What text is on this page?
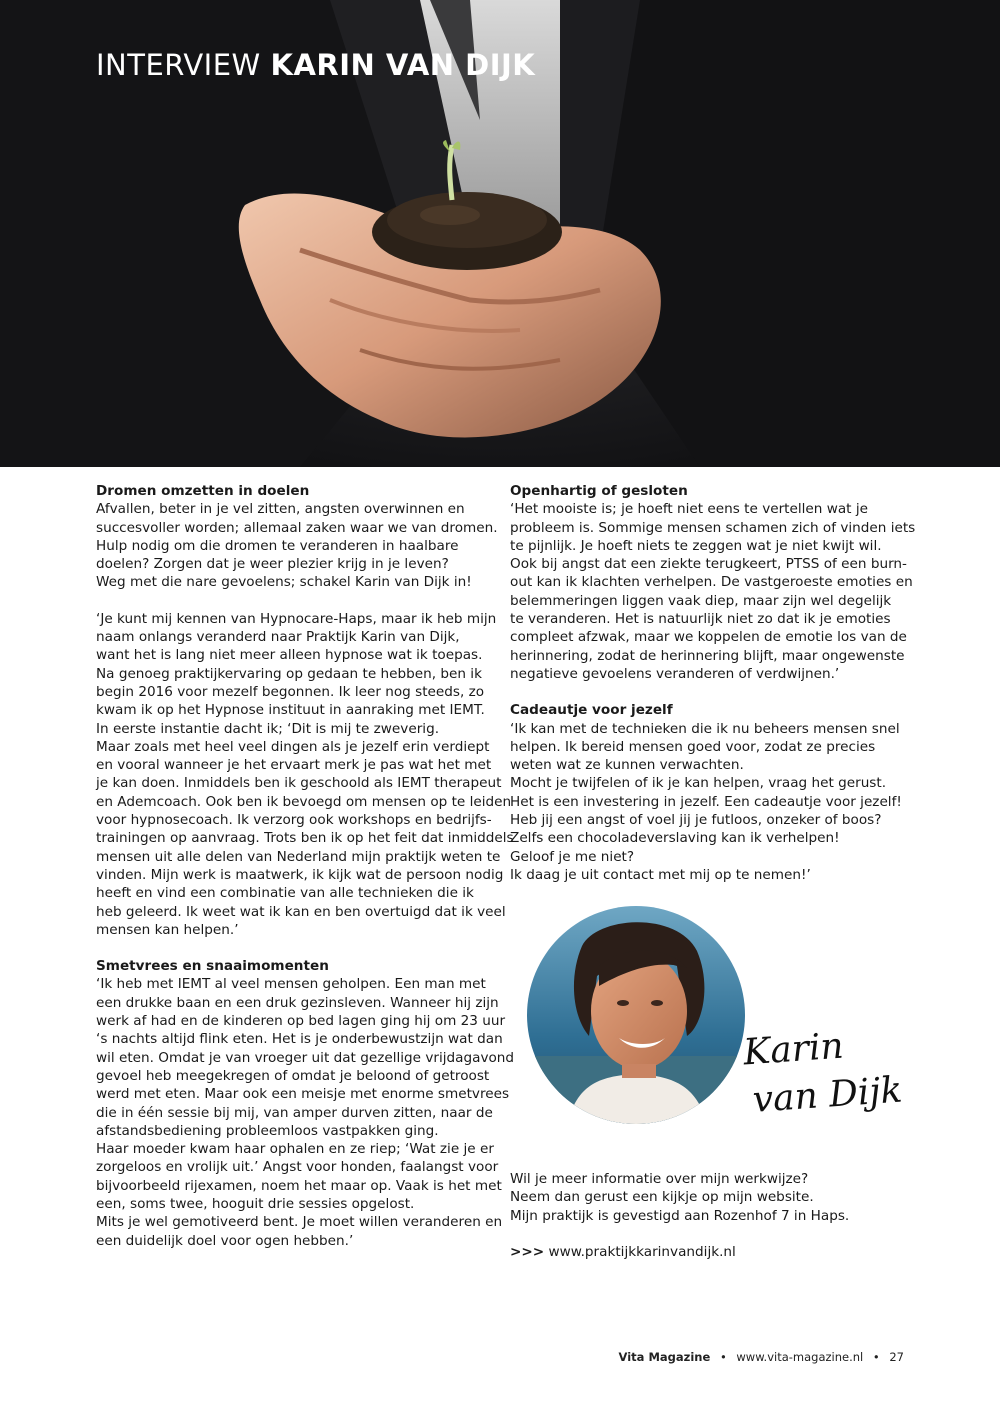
INTERVIEW KARIN VAN DIJK
Dromen omzetten in doelen
Afvallen, beter in je vel zitten, angsten overwinnen en
succesvoller worden; allemaal zaken waar we van dromen.
Hulp nodig om die dromen te veranderen in haalbare
doelen? Zorgen dat je weer plezier krijg in je leven?
Weg met die nare gevoelens; schakel Karin van Dijk in!
‘Je kunt mij kennen van Hypnocare-Haps, maar ik heb mijn
naam onlangs veranderd naar Praktijk Karin van Dijk,
want het is lang niet meer alleen hypnose wat ik toepas.
Na genoeg praktijkervaring op gedaan te hebben, ben ik
begin 2016 voor mezelf begonnen. Ik leer nog steeds, zo
kwam ik op het Hypnose instituut in aanraking met IEMT.
In eerste instantie dacht ik; ‘Dit is mij te zweverig.
Maar zoals met heel veel dingen als je jezelf erin verdiept
en vooral wanneer je het ervaart merk je pas wat het met
je kan doen. Inmiddels ben ik geschoold als IEMT therapeut
en Ademcoach. Ook ben ik bevoegd om mensen op te leiden
voor hypnosecoach. Ik verzorg ook workshops en bedrijfs-
trainingen op aanvraag. Trots ben ik op het feit dat inmiddels
mensen uit alle delen van Nederland mijn praktijk weten te
vinden. Mijn werk is maatwerk, ik kijk wat de persoon nodig
heeft en vind een combinatie van alle technieken die ik
heb geleerd. Ik weet wat ik kan en ben overtuigd dat ik veel
mensen kan helpen.’
Smetvrees en snaaimomenten
‘Ik heb met IEMT al veel mensen geholpen. Een man met
een drukke baan en een druk gezinsleven. Wanneer hij zijn
werk af had en de kinderen op bed lagen ging hij om 23 uur
‘s nachts altijd flink eten. Het is je onderbewustzijn wat dan
wil eten. Omdat je van vroeger uit dat gezellige vrijdagavond
gevoel heb meegekregen of omdat je beloond of getroost
werd met eten. Maar ook een meisje met enorme smetvrees
die in één sessie bij mij, van amper durven zitten, naar de
afstandsbediening probleemloos vastpakken ging.
Haar moeder kwam haar ophalen en ze riep; ‘Wat zie je er
zorgeloos en vrolijk uit.’ Angst voor honden, faalangst voor
bijvoorbeeld rijexamen, noem het maar op. Vaak is het met
een, soms twee, hooguit drie sessies opgelost.
Mits je wel gemotiveerd bent. Je moet willen veranderen en
een duidelijk doel voor ogen hebben.’
Openhartig of gesloten
‘Het mooiste is; je hoeft niet eens te vertellen wat je
probleem is. Sommige mensen schamen zich of vinden iets
te pijnlijk. Je hoeft niets te zeggen wat je niet kwijt wil.
Ook bij angst dat een ziekte terugkeert, PTSS of een burn-
out kan ik klachten verhelpen. De vastgeroeste emoties en
belemmeringen liggen vaak diep, maar zijn wel degelijk
te veranderen. Het is natuurlijk niet zo dat ik je emoties
compleet afzwak, maar we koppelen de emotie los van de
herinnering, zodat de herinnering blijft, maar ongewenste
negatieve gevoelens veranderen of verdwijnen.’
Cadeautje voor jezelf
‘Ik kan met de technieken die ik nu beheers mensen snel
helpen. Ik bereid mensen goed voor, zodat ze precies
weten wat ze kunnen verwachten.
Mocht je twijfelen of ik je kan helpen, vraag het gerust.
Het is een investering in jezelf. Een cadeautje voor jezelf!
Heb jij een angst of voel jij je futloos, onzeker of boos?
Zelfs een chocoladeverslaving kan ik verhelpen!
Geloof je me niet?
Ik daag je uit contact met mij op te nemen!’
Karin
van Dijk
Wil je meer informatie over mijn werkwijze?
Neem dan gerust een kijkje op mijn website.
Mijn praktijk is gevestigd aan Rozenhof 7 in Haps.
>>> www.praktijkkarinvandijk.nl
Vita Magazine • www.vita-magazine.nl • 27
